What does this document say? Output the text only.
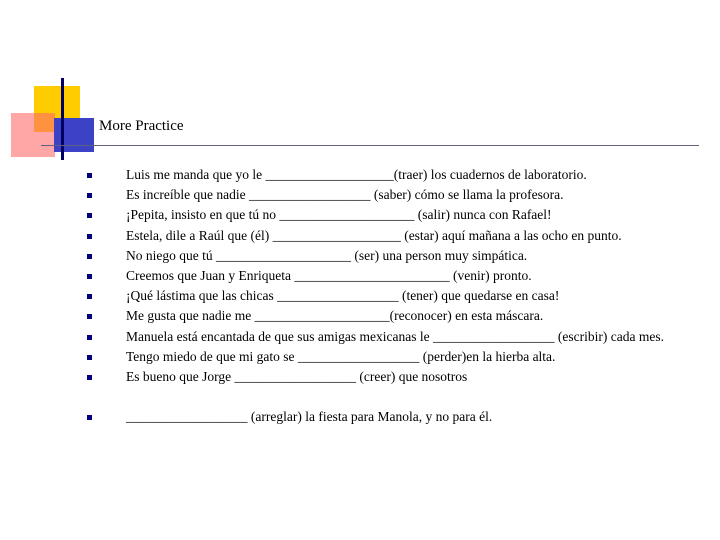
More Practice
Luis me manda que yo le ___________________(traer) los cuadernos de laboratorio.
Es increíble que nadie __________________ (saber) cómo se llama la profesora.
¡Pepita, insisto en que tú no ____________________ (salir) nunca con Rafael!
Estela, dile a Raúl que (él) ___________________ (estar) aquí mañana a las ocho en punto.
No niego que tú ____________________ (ser) una person muy simpática.
Creemos que Juan y Enriqueta _______________________ (venir) pronto.
¡Qué lástima que las chicas __________________ (tener) que quedarse en casa!
Me gusta que nadie me ____________________(reconocer) en esta máscara.
Manuela está encantada de que sus amigas mexicanas le __________________ (escribir) cada mes.
Tengo miedo de que mi gato se __________________ (perder)en la hierba alta.
Es bueno que Jorge __________________ (creer) que nosotros
__________________ (arreglar) la fiesta para Manola, y no para él.
